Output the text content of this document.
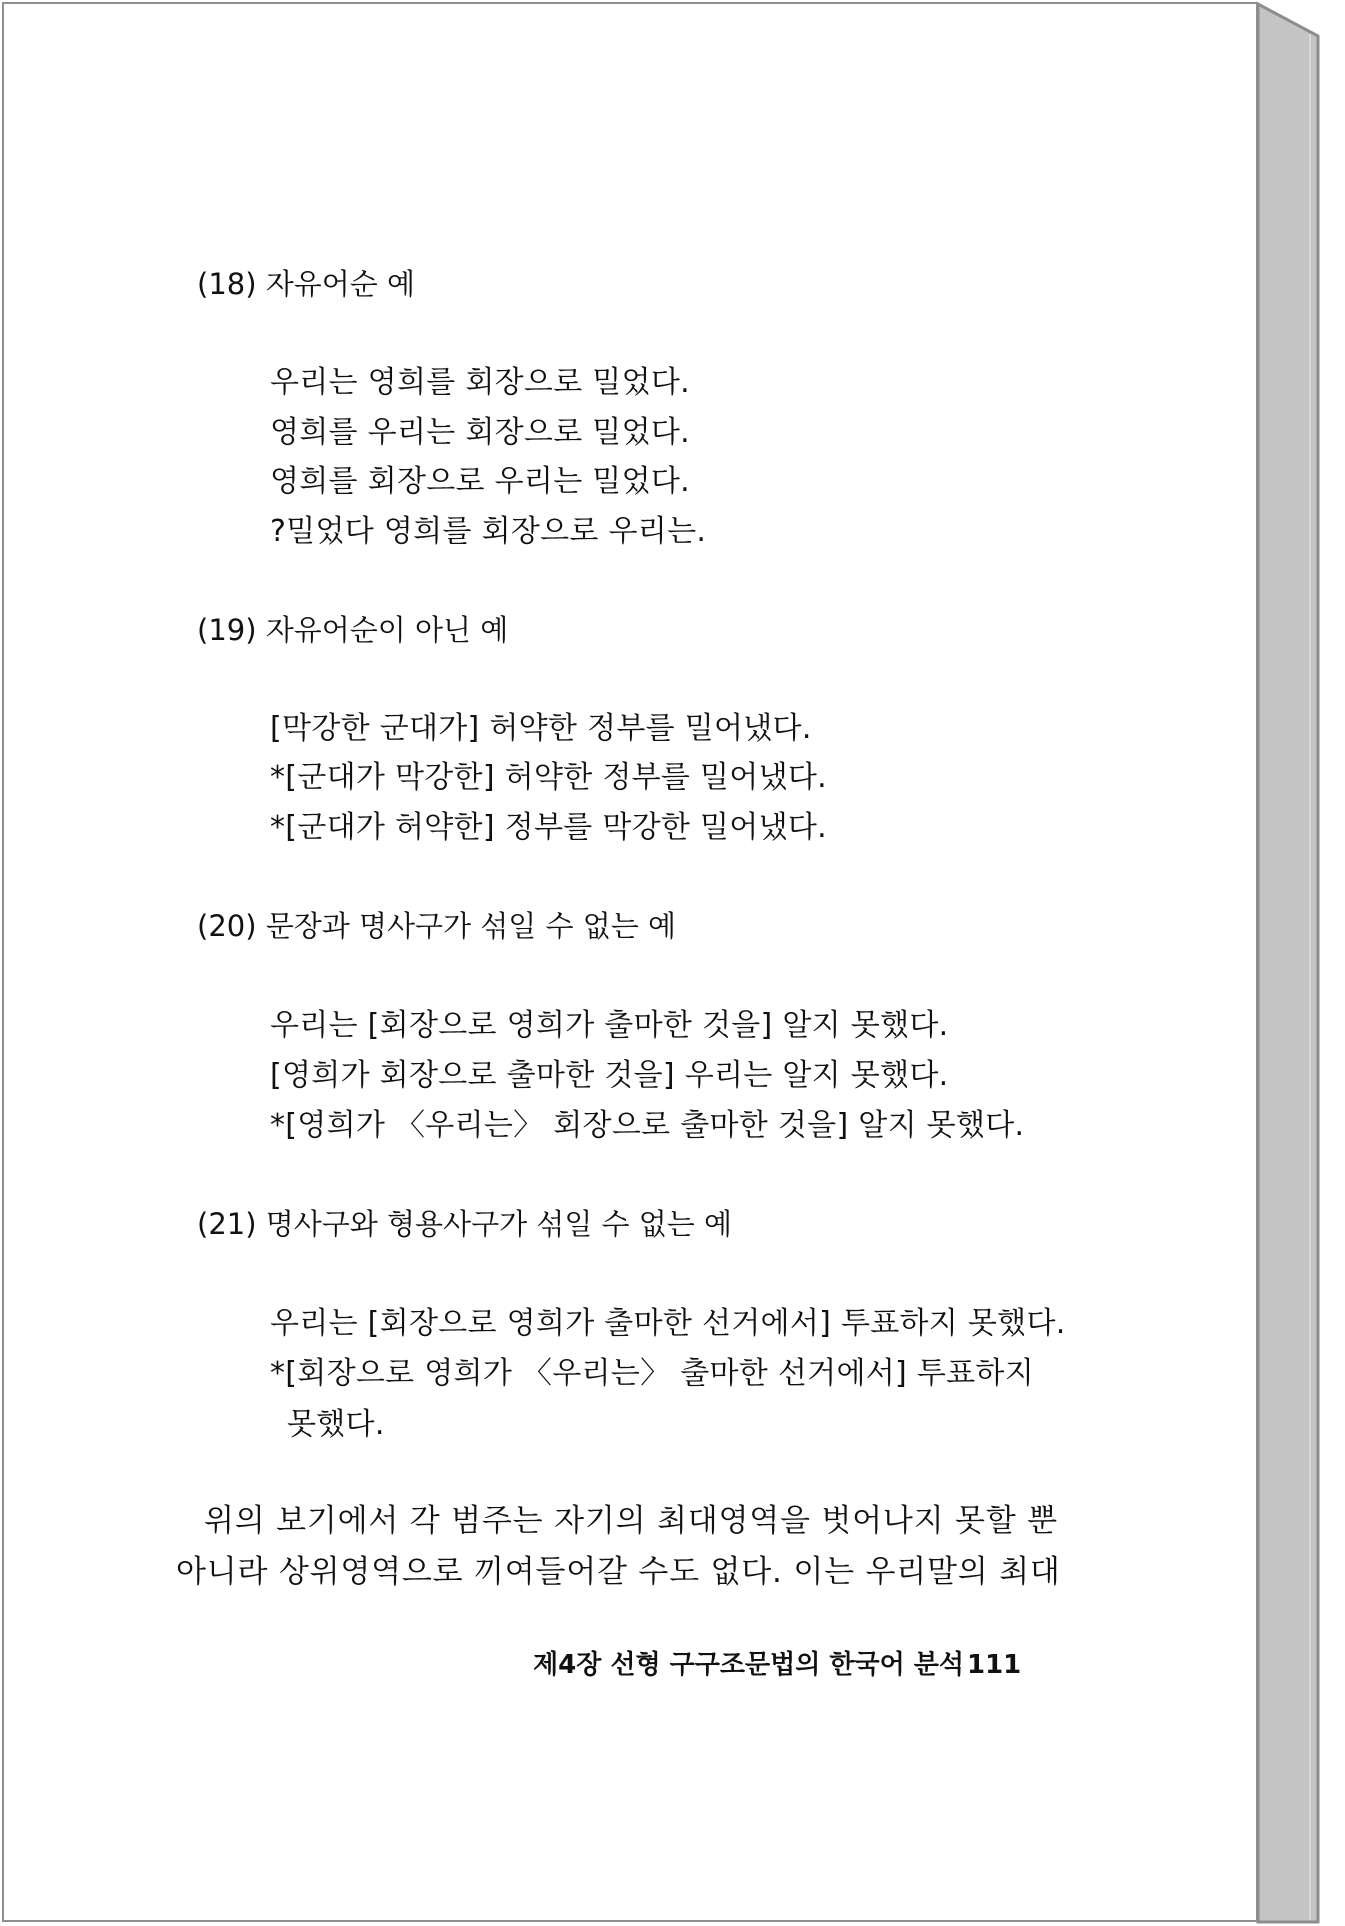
(18) 자유어순 예
우리는 영희를 회장으로 밀었다.
영희를 우리는 회장으로 밀었다.
영희를 회장으로 우리는 밀었다.
?밀었다 영희를 회장으로 우리는.
(19) 자유어순이 아닌 예
[막강한 군대가] 허약한 정부를 밀어냈다.
*[군대가 막강한] 허약한 정부를 밀어냈다.
*[군대가 허약한] 정부를 막강한 밀어냈다.
(20) 문장과 명사구가 섞일 수 없는 예
우리는 [회장으로 영희가 출마한 것을] 알지 못했다.
[영희가 회장으로 출마한 것을] 우리는 알지 못했다.
*[영희가 〈우리는〉 회장으로 출마한 것을] 알지 못했다.
(21) 명사구와 형용사구가 섞일 수 없는 예
우리는 [회장으로 영희가 출마한 선거에서] 투표하지 못했다.
*[회장으로 영희가 〈우리는〉 출마한 선거에서] 투표하지
못했다.
위의 보기에서 각 범주는 자기의 최대영역을 벗어나지 못할 뿐
아니라 상위영역으로 끼여들어갈 수도 없다. 이는 우리말의 최대
제4장 선형 구구조문법의 한국어 분석 111
